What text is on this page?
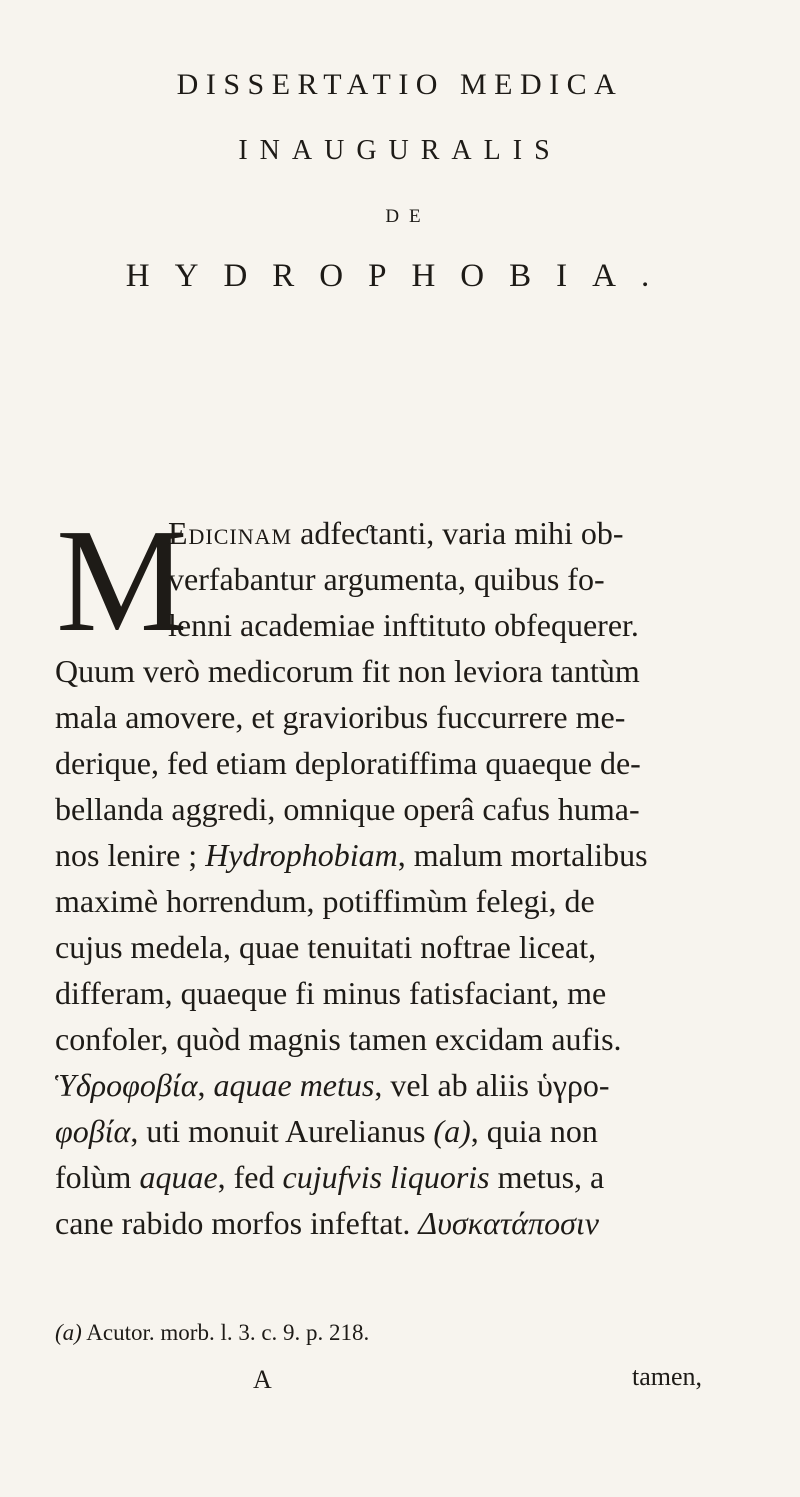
DISSERTATIO MEDICA
INAUGURALIS
DE
HYDROPHOBIA.
M
Edicinam adfeƈtanti, varia mihi ob-
verfabantur argumenta, quibus fo-
lenni academiae inftituto obfequerer.
Quum verò medicorum fit non leviora tantùm
mala amovere, et gravioribus fuccurrere me-
derique, fed etiam deploratiffima quaeque de-
bellanda aggredi, omnique operâ cafus huma-
nos lenire ; Hydrophobiam, malum mortalibus
maximè horrendum, potiffimùm felegi, de
cujus medela, quae tenuitati noftrae liceat,
differam, quaeque fi minus fatisfaciant, me
confoler, quòd magnis tamen excidam aufis.
Ὑδροφοβία, aquae metus, vel ab aliis ὑγρο-
φοβία, uti monuit Aurelianus (a), quia non
folùm aquae, fed cujufvis liquoris metus, a
cane rabido morfos infeftat. Δυσκατάποσιν
(a) Acutor. morb. l. 3. c. 9. p. 218.
A	tamen,
